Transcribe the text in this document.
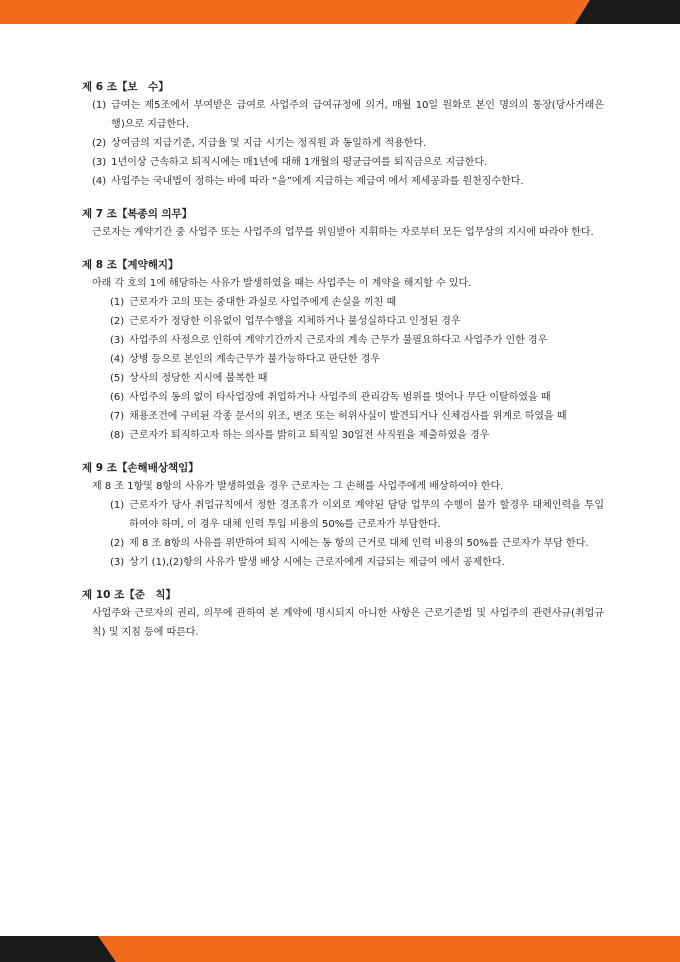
제 6 조【보　수】
(1) 급여는 제5조에서 부여받은 급여로 사업주의 급여규정에 의거, 매월 10일 원화로 본인 명의의 통장(당사거래은행)으로 지급한다.
(2) 상여금의 지급기준, 지급율 및 지급 시기는 정직원 과 동일하게 적용한다.
(3) 1년이상 근속하고 퇴직시에는 매1년에 대해 1개월의 평균급여를 퇴직금으로 지급한다.
(4) 사업주는 국내법이 정하는 바에 따라 “을”에게 지급하는 제급여 에서 제세공과를 원천징수한다.
제 7 조【복종의 의무】
근로자는 계약기간 중 사업주 또는 사업주의 업무를 위임받아 지휘하는 자로부터 모든 업무상의 지시에 따라야 한다.
제 8 조【계약해지】
아래 각 호의 1에 해당하는 사유가 발생하였을 때는 사업주는 이 계약을 해지할 수 있다.
(1) 근로자가 고의 또는 중대한 과실로 사업주에게 손실을 끼친 때
(2) 근로자가 정당한 이유없이 업무수행을 지체하거나 불성실하다고 인정된 경우
(3) 사업주의 사정으로 인하여 계약기간까지 근로자의 계속 근무가 불필요하다고 사업주가 인한 경우
(4) 상병 등으로 본인의 계속근무가 불가능하다고 판단한 경우
(5) 상사의 정당한 지시에 불복한 때
(6) 사업주의 동의 없이 타사업장에 취업하거나 사업주의 관리감독 범위를 벗어나 무단 이탈하였을 때
(7) 채용조건에 구비된 각종 문서의 위조, 변조 또는 허위사실이 발견되거나 신체검사를 위계로 하였을 때
(8) 근로자가 퇴직하고자 하는 의사를 밝히고 퇴직일 30일전 사직원을 제출하였을 경우
제 9 조【손해배상책임】
제 8 조 1항및 8항의 사유가 발생하였을 경우 근로자는 그 손해를 사업주에게 배상하여야 한다.
(1) 근로자가 당사 취업규칙에서 정한 경조휴가 이외로 계약된 담당 업무의 수행이 불가 할경우 대체인력을 투입하여야 하며, 이 경우 대체 인력 투입 비용의 50%를 근로자가 부담한다.
(2) 제 8 조 8항의 사유를 위반하여 퇴직 시에는 동 항의 근거로 대체 인력 비용의 50%를 근로자가 부담 한다.
(3) 상기 (1),(2)항의 사유가 발생 배상 시에는 근로자에게 지급되는 제급여 에서 공제한다.
제 10 조【준　칙】
사업주와 근로자의 권리, 의무에 관하여 본 계약에 명시되지 아니한 사항은 근로기준법 및 사업주의 관련사규(취업규칙) 및 지침 등에 따른다.
